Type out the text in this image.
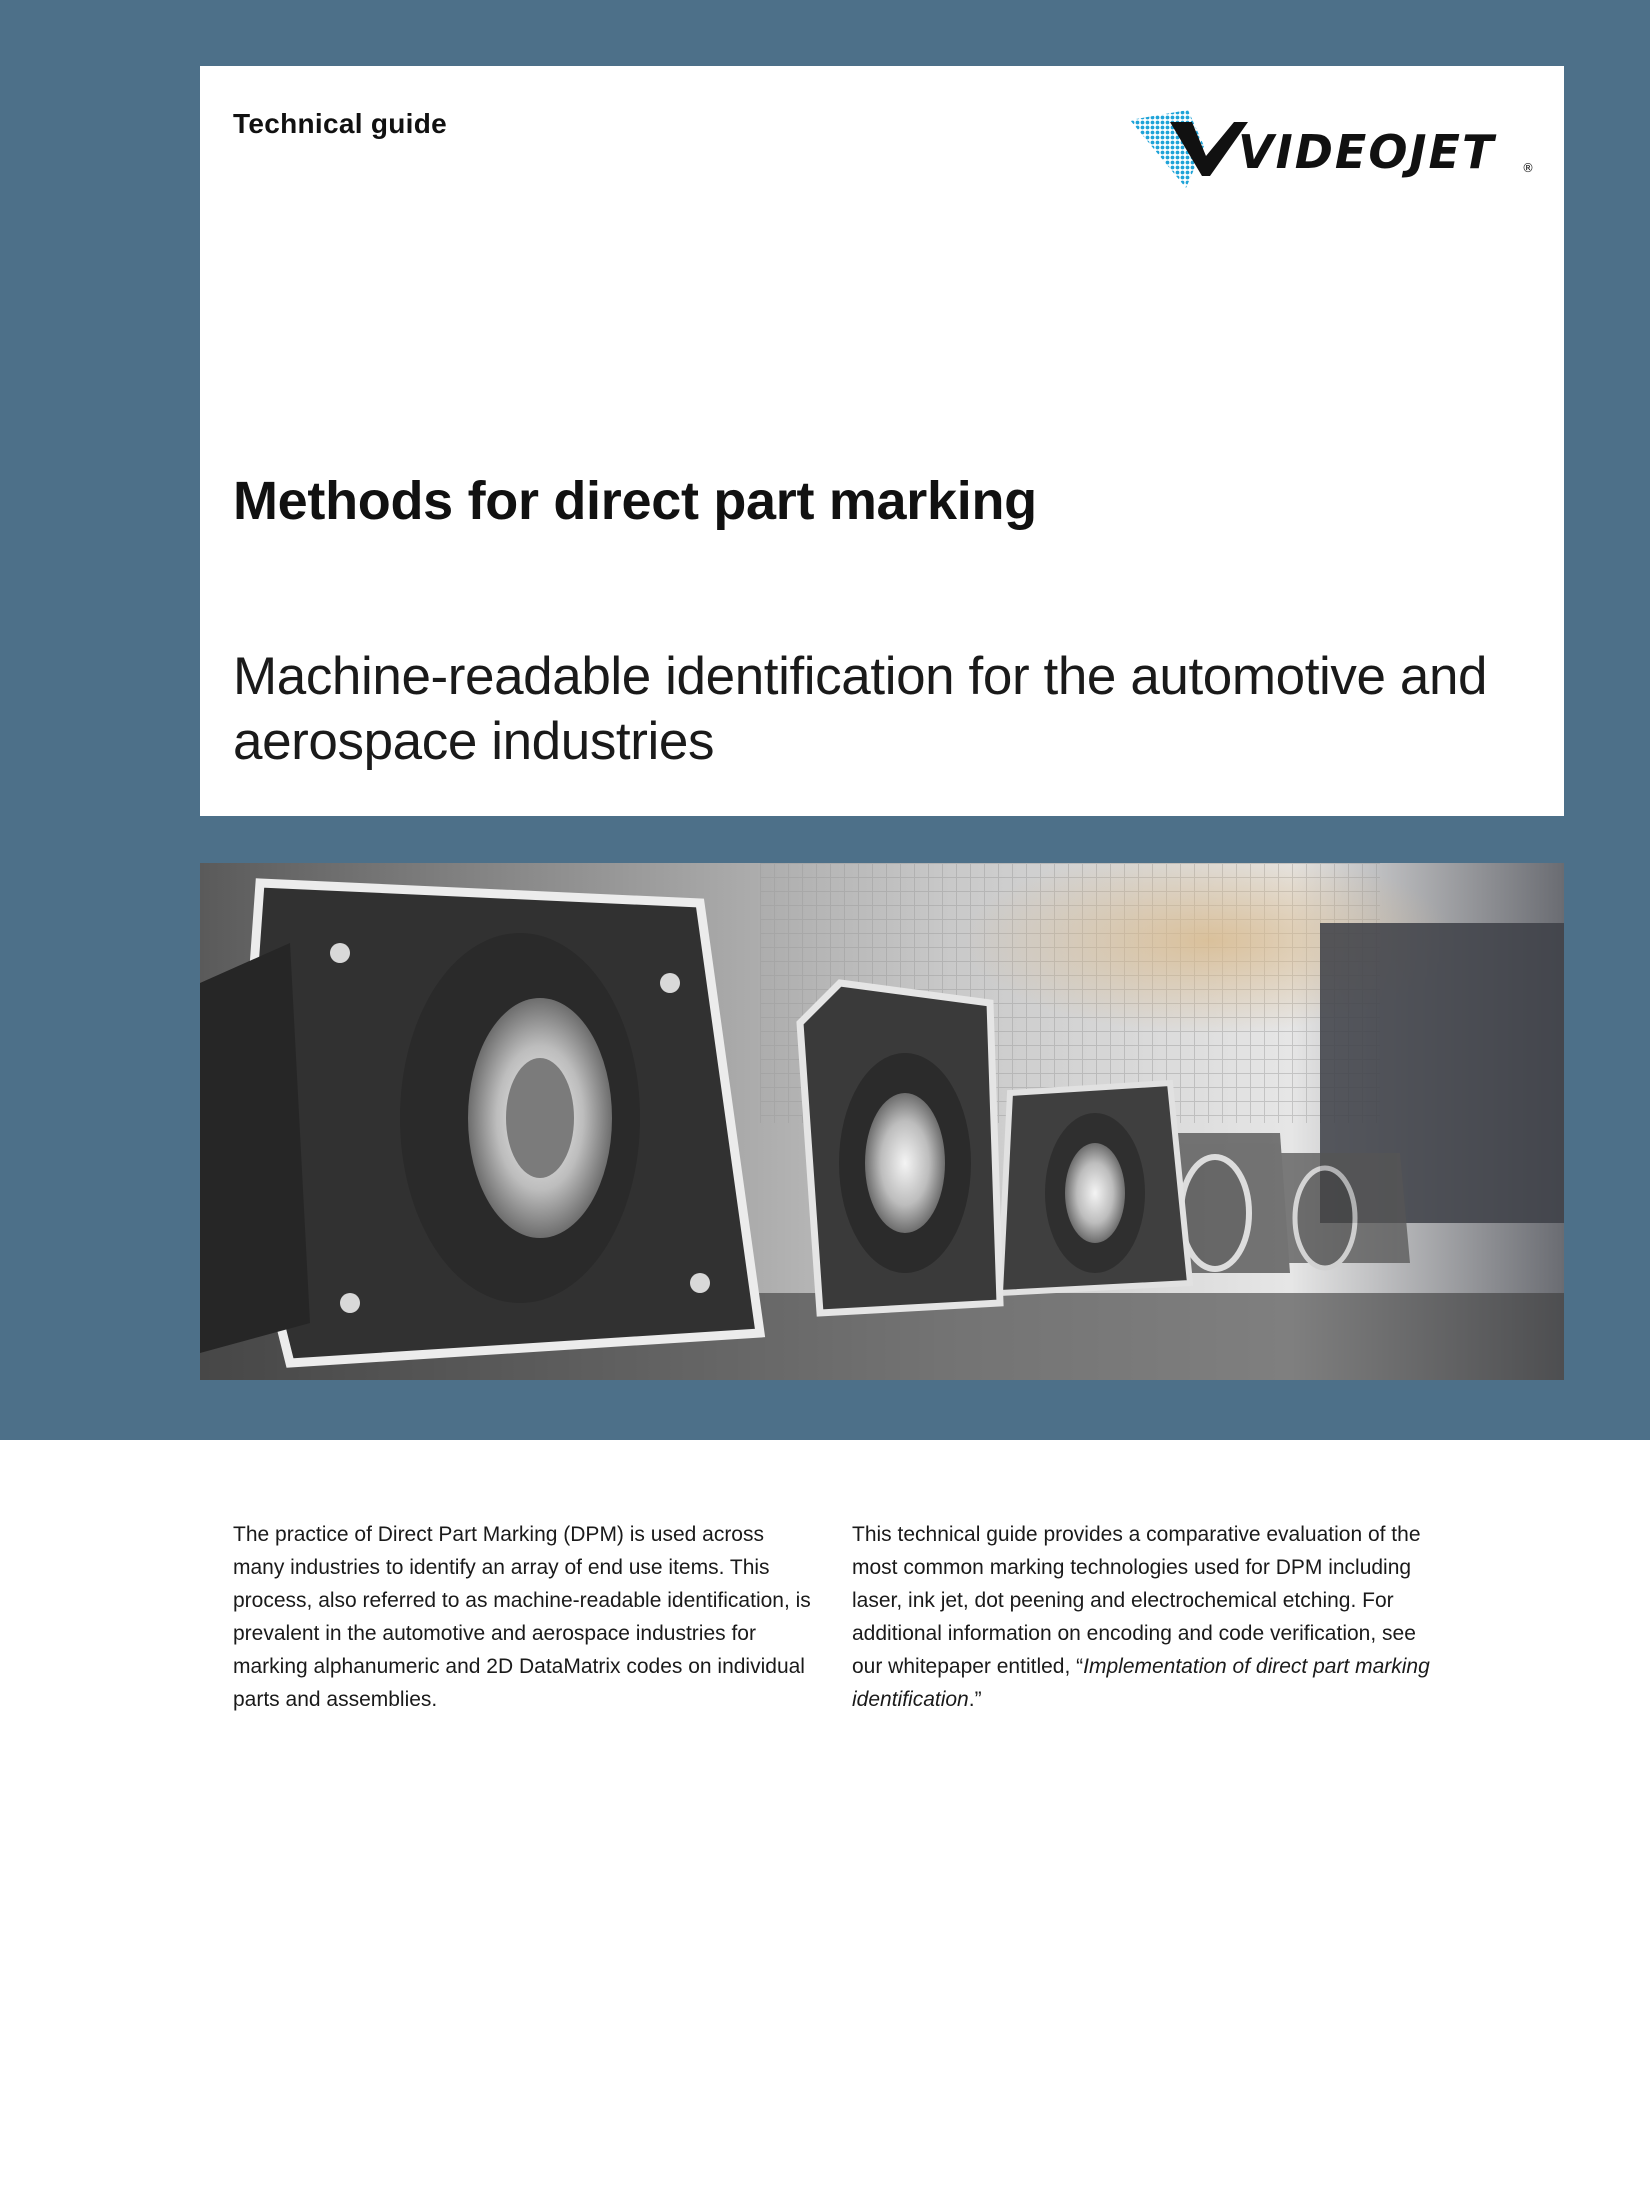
Technical guide
VIDEOJET ®
Methods for direct part marking
Machine-readable identification for the automotive and aerospace industries

The practice of Direct Part Marking (DPM) is used across many industries to identify an array of end use items. This process, also referred to as machine-readable identification, is prevalent in the automotive and aerospace industries for marking alphanumeric and 2D DataMatrix codes on individual parts and assemblies.

This technical guide provides a comparative evaluation of the most common marking technologies used for DPM including laser, ink jet, dot peening and electrochemical etching. For additional information on encoding and code verification, see our whitepaper entitled, “Implementation of direct part marking identification.”
